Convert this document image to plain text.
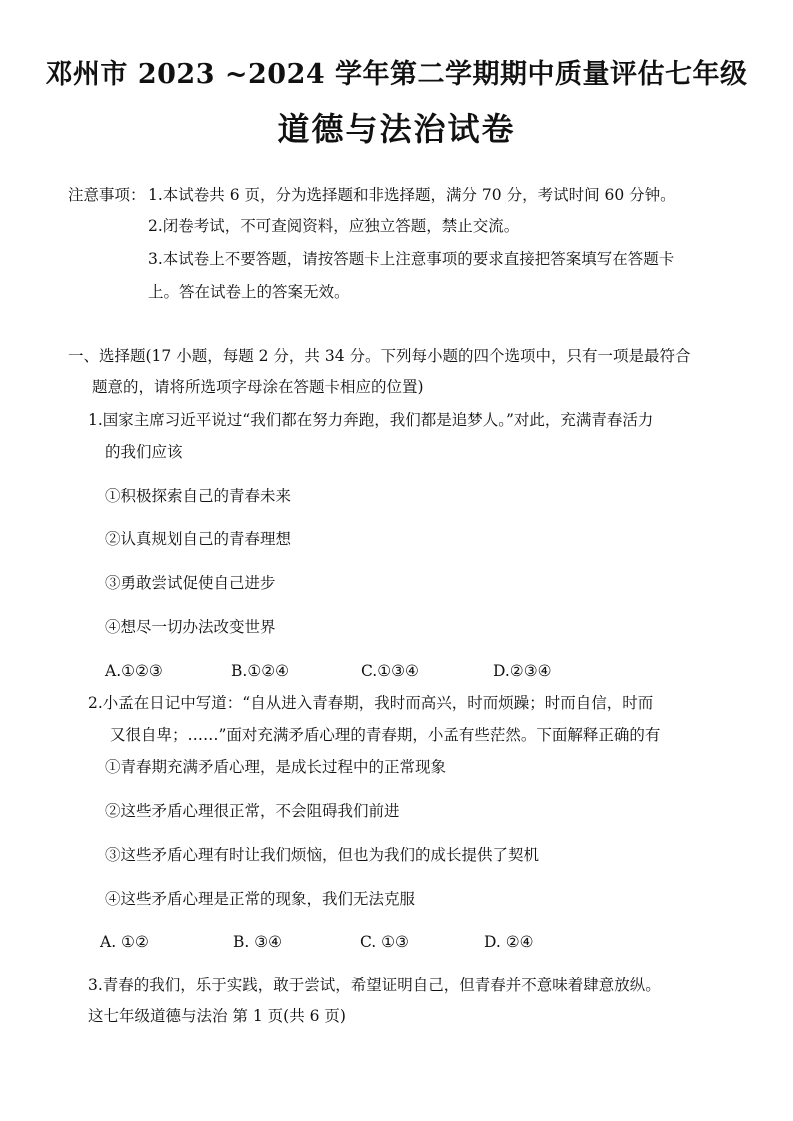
邓州市 2023 ~2024 学年第二学期期中质量评估七年级
道德与法治试卷
注意事项： 1.本试卷共 6 页，分为选择题和非选择题，满分 70 分，考试时间 60 分钟。
2.闭卷考试，不可查阅资料，应独立答题，禁止交流。
3.本试卷上不要答题，请按答题卡上注意事项的要求直接把答案填写在答题卡
上。答在试卷上的答案无效。
一、选择题(17 小题，每题 2 分，共 34 分。下列每小题的四个选项中，只有一项是最符合
题意的，请将所选项字母涂在答题卡相应的位置)
1.国家主席习近平说过“我们都在努力奔跑，我们都是追梦人。”对此，充满青春活力
的我们应该
①积极探索自己的青春未来
②认真规划自己的青春理想
③勇敢尝试促使自己进步
④想尽一切办法改变世界
A.①②③	B.①②④	C.①③④	D.②③④
2.小孟在日记中写道：“自从进入青春期，我时而高兴，时而烦躁；时而自信，时而
又很自卑；……”面对充满矛盾心理的青春期，小孟有些茫然。下面解释正确的有
①青春期充满矛盾心理，是成长过程中的正常现象
②这些矛盾心理很正常，不会阻碍我们前进
③这些矛盾心理有时让我们烦恼，但也为我们的成长提供了契机
④这些矛盾心理是正常的现象，我们无法克服
A. ①②	B. ③④	C. ①③	D. ②④
3.青春的我们，乐于实践，敢于尝试，希望证明自己，但青春并不意味着肆意放纵。
这七年级道德与法治 第 1 页(共 6 页)
